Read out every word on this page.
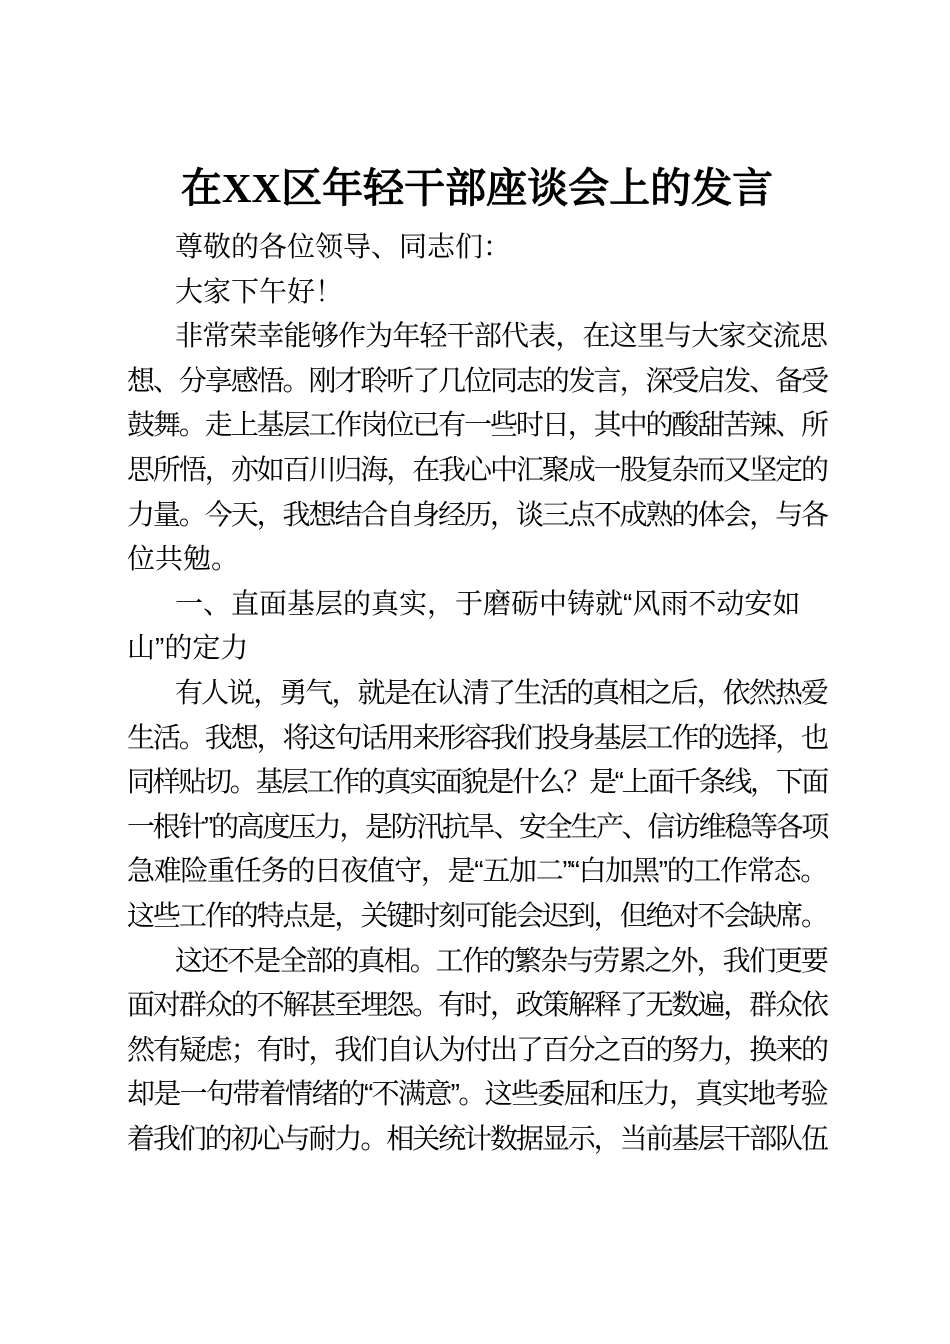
在XX区年轻干部座谈会上的发言
尊敬的各位领导、同志们：
大家下午好！
非常荣幸能够作为年轻干部代表，在这里与大家交流思
想、分享感悟。刚才聆听了几位同志的发言，深受启发、备受
鼓舞。走上基层工作岗位已有一些时日，其中的酸甜苦辣、所
思所悟，亦如百川归海，在我心中汇聚成一股复杂而又坚定的
力量。今天，我想结合自身经历，谈三点不成熟的体会，与各
位共勉。
一、直面基层的真实，于磨砺中铸就“风雨不动安如
山”的定力
有人说，勇气，就是在认清了生活的真相之后，依然热爱
生活。我想，将这句话用来形容我们投身基层工作的选择，也
同样贴切。基层工作的真实面貌是什么？是“上面千条线，下面
一根针”的高度压力，是防汛抗旱、安全生产、信访维稳等各项
急难险重任务的日夜值守，是“五加二”“白加黑”的工作常态。
这些工作的特点是，关键时刻可能会迟到，但绝对不会缺席。
这还不是全部的真相。工作的繁杂与劳累之外，我们更要
面对群众的不解甚至埋怨。有时，政策解释了无数遍，群众依
然有疑虑；有时，我们自认为付出了百分之百的努力，换来的
却是一句带着情绪的“不满意”。这些委屈和压力，真实地考验
着我们的初心与耐力。相关统计数据显示，当前基层干部队伍
